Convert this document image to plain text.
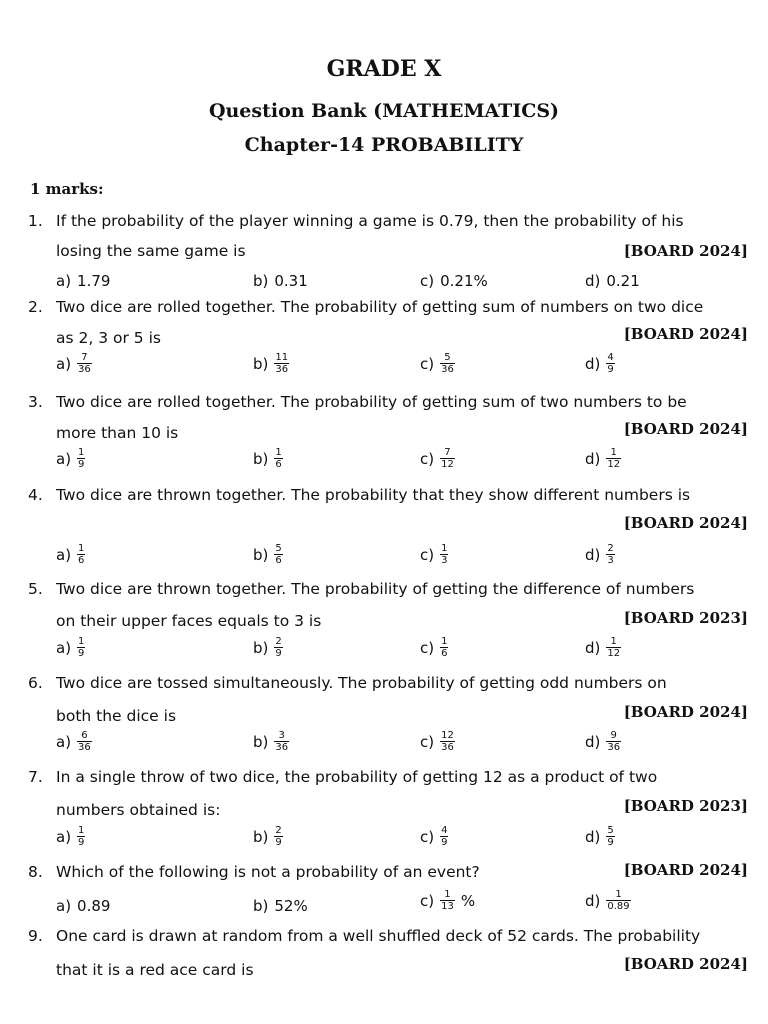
GRADE X
Question Bank (MATHEMATICS)
Chapter-14 PROBABILITY
1 marks:
1. If the probability of the player winning a game is 0.79, then the probability of his
losing the same game is	[BOARD 2024]
a) 1.79	b) 0.31	c) 0.21%	d) 0.21
2. Two dice are rolled together. The probability of getting sum of numbers on two dice
as 2, 3 or 5 is	[BOARD 2024]
$a) \frac{7}{36}$	$b) \frac{11}{36}$	$c) \frac{5}{36}$	$d) \frac{4}{9}$
3. Two dice are rolled together. The probability of getting sum of two numbers to be
more than 10 is	[BOARD 2024]
$a) \frac{1}{9}$	$b) \frac{1}{6}$	$c) \frac{7}{12}$	$d) \frac{1}{12}$
4. Two dice are thrown together. The probability that they show different numbers is
[BOARD 2024]
$a) \frac{1}{6}$	$b) \frac{5}{6}$	$c) \frac{1}{3}$	$d) \frac{2}{3}$
5. Two dice are thrown together. The probability of getting the difference of numbers
on their upper faces equals to 3 is	[BOARD 2023]
$a) \frac{1}{9}$	$b) \frac{2}{9}$	$c) \frac{1}{6}$	$d) \frac{1}{12}$
6. Two dice are tossed simultaneously. The probability of getting odd numbers on
both the dice is	[BOARD 2024]
$a) \frac{6}{36}$	$b) \frac{3}{36}$	$c) \frac{12}{36}$	$d) \frac{9}{36}$
7. In a single throw of two dice, the probability of getting 12 as a product of two
numbers obtained is:	[BOARD 2023]
$a) \frac{1}{9}$	$b) \frac{2}{9}$	$c) \frac{4}{9}$	$d) \frac{5}{9}$
8. Which of the following is not a probability of an event?	[BOARD 2024]
a) 0.89	b) 52%	$c) \frac{1}{13}$ %	$d) \frac{1}{0.89}$
9. One card is drawn at random from a well shuffled deck of 52 cards. The probability
that it is a red ace card is	[BOARD 2024]
